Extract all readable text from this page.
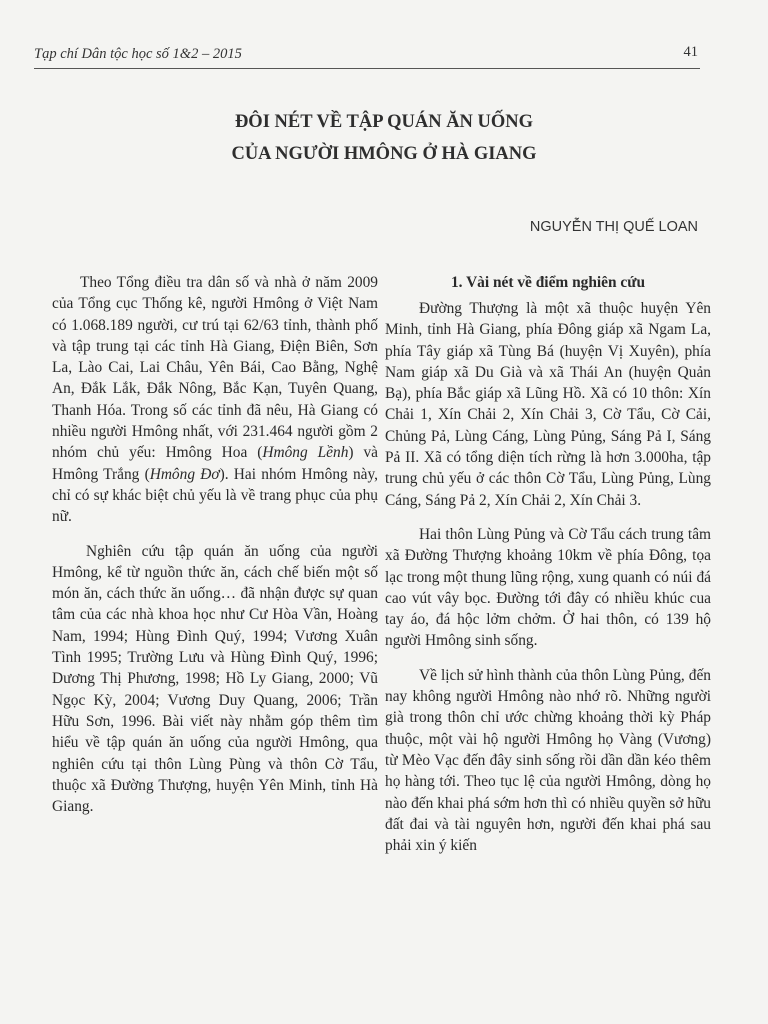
Tạp chí Dân tộc học số 1&2 – 2015	41
ĐÔI NÉT VỀ TẬP QUÁN ĂN UỐNG
CỦA NGƯỜI HMÔNG Ở HÀ GIANG
NGUYỄN THỊ QUẾ LOAN

Theo Tổng điều tra dân số và nhà ở năm 2009 của Tổng cục Thống kê, người Hmông ở Việt Nam có 1.068.189 người, cư trú tại 62/63 tỉnh, thành phố và tập trung tại các tỉnh Hà Giang, Điện Biên, Sơn La, Lào Cai, Lai Châu, Yên Bái, Cao Bằng, Nghệ An, Đắk Lắk, Đắk Nông, Bắc Kạn, Tuyên Quang, Thanh Hóa. Trong số các tỉnh đã nêu, Hà Giang có nhiều người Hmông nhất, với 231.464 người gồm 2 nhóm chủ yếu: Hmông Hoa (Hmông Lềnh) và Hmông Trắng (Hmông Đơ). Hai nhóm Hmông này, chỉ có sự khác biệt chủ yếu là về trang phục của phụ nữ.

Nghiên cứu tập quán ăn uống của người Hmông, kể từ nguồn thức ăn, cách chế biến một số món ăn, cách thức ăn uống… đã nhận được sự quan tâm của các nhà khoa học như Cư Hòa Vần, Hoàng Nam, 1994; Hùng Đình Quý, 1994; Vương Xuân Tình 1995; Trường Lưu và Hùng Đình Quý, 1996; Dương Thị Phương, 1998; Hồ Ly Giang, 2000; Vũ Ngọc Kỳ, 2004; Vương Duy Quang, 2006; Trần Hữu Sơn, 1996. Bài viết này nhằm góp thêm tìm hiểu về tập quán ăn uống của người Hmông, qua nghiên cứu tại thôn Lùng Pùng và thôn Cờ Tẩu, thuộc xã Đường Thượng, huyện Yên Minh, tỉnh Hà Giang.

1. Vài nét về điểm nghiên cứu

Đường Thượng là một xã thuộc huyện Yên Minh, tỉnh Hà Giang, phía Đông giáp xã Ngam La, phía Tây giáp xã Tùng Bá (huyện Vị Xuyên), phía Nam giáp xã Du Già và xã Thái An (huyện Quản Bạ), phía Bắc giáp xã Lũng Hồ. Xã có 10 thôn: Xín Chải 1, Xín Chải 2, Xín Chải 3, Cờ Tẩu, Cờ Cải, Chủng Pả, Lùng Cáng, Lùng Pủng, Sáng Pả I, Sáng Pả II. Xã có tổng diện tích rừng là hơn 3.000ha, tập trung chủ yếu ở các thôn Cờ Tẩu, Lùng Pủng, Lùng Cáng, Sáng Pả 2, Xín Chải 2, Xín Chải 3.

Hai thôn Lùng Pủng và Cờ Tẩu cách trung tâm xã Đường Thượng khoảng 10km về phía Đông, tọa lạc trong một thung lũng rộng, xung quanh có núi đá cao vút vây bọc. Đường tới đây có nhiều khúc cua tay áo, đá hộc lởm chởm. Ở hai thôn, có 139 hộ người Hmông sinh sống.

Về lịch sử hình thành của thôn Lùng Pủng, đến nay không người Hmông nào nhớ rõ. Những người già trong thôn chỉ ước chừng khoảng thời kỳ Pháp thuộc, một vài hộ người Hmông họ Vàng (Vương) từ Mèo Vạc đến đây sinh sống rồi dần dần kéo thêm họ hàng tới. Theo tục lệ của người Hmông, dòng họ nào đến khai phá sớm hơn thì có nhiều quyền sở hữu đất đai và tài nguyên hơn, người đến khai phá sau phải xin ý kiến
